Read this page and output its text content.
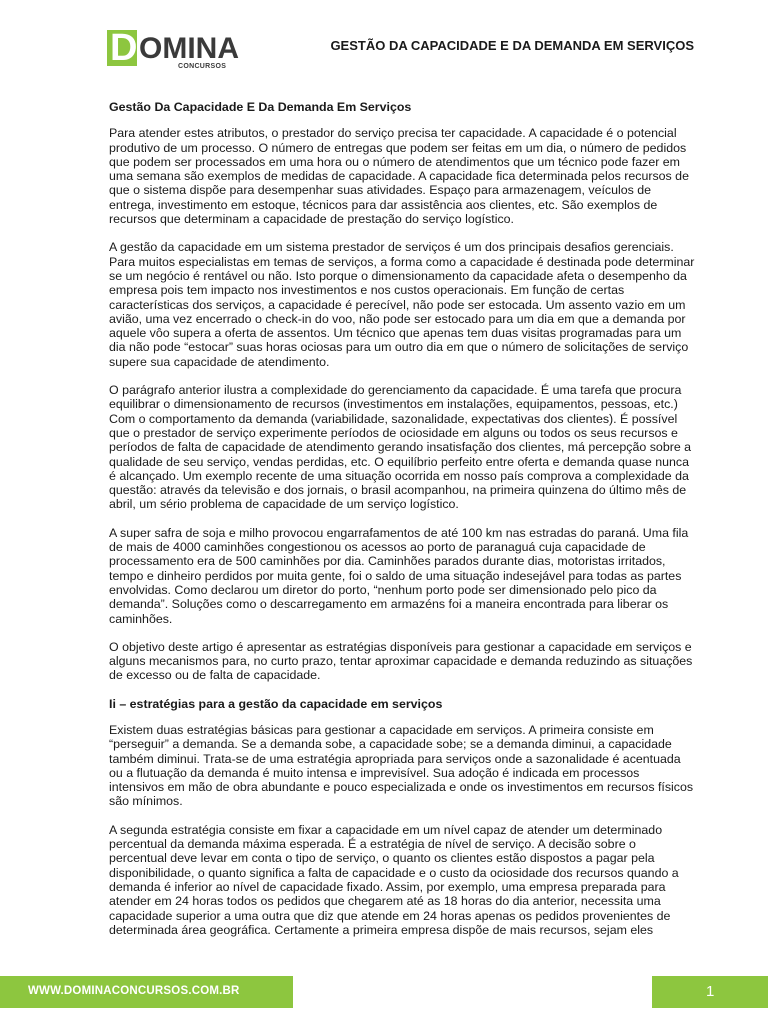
D OMINA
CONCURSOS
GESTÃO DA CAPACIDADE E DA DEMANDA EM SERVIÇOS
Gestão Da Capacidade E Da Demanda Em Serviços

Para atender estes atributos, o prestador do serviço precisa ter capacidade. A capacidade é o potencial produtivo de um processo. O número de entregas que podem ser feitas em um dia, o número de pedidos que podem ser processados em uma hora ou o número de atendimentos que um técnico pode fazer em uma semana são exemplos de medidas de capacidade. A capacidade fica determinada pelos recursos de que o sistema dispõe para desempenhar suas atividades. Espaço para armazenagem, veículos de entrega, investimento em estoque, técnicos para dar assistência aos clientes, etc. São exemplos de recursos que determinam a capacidade de prestação do serviço logístico.

A gestão da capacidade em um sistema prestador de serviços é um dos principais desafios gerenciais. Para muitos especialistas em temas de serviços, a forma como a capacidade é destinada pode determinar se um negócio é rentável ou não. Isto porque o dimensionamento da capacidade afeta o desempenho da empresa pois tem impacto nos investimentos e nos custos operacionais. Em função de certas características dos serviços, a capacidade é perecível, não pode ser estocada. Um assento vazio em um avião, uma vez encerrado o check-in do voo, não pode ser estocado para um dia em que a demanda por aquele vôo supera a oferta de assentos. Um técnico que apenas tem duas visitas programadas para um dia não pode “estocar” suas horas ociosas para um outro dia em que o número de solicitações de serviço supere sua capacidade de atendimento.

O parágrafo anterior ilustra a complexidade do gerenciamento da capacidade. É uma tarefa que procura equilibrar o dimensionamento de recursos (investimentos em instalações, equipamentos, pessoas, etc.) Com o comportamento da demanda (variabilidade, sazonalidade, expectativas dos clientes). É possível que o prestador de serviço experimente períodos de ociosidade em alguns ou todos os seus recursos e períodos de falta de capacidade de atendimento gerando insatisfação dos clientes, má percepção sobre a qualidade de seu serviço, vendas perdidas, etc. O equilíbrio perfeito entre oferta e demanda quase nunca é alcançado. Um exemplo recente de uma situação ocorrida em nosso país comprova a complexidade da questão: através da televisão e dos jornais, o brasil acompanhou, na primeira quinzena do último mês de abril, um sério problema de capacidade de um serviço logístico.

A super safra de soja e milho provocou engarrafamentos de até 100 km nas estradas do paraná. Uma fila de mais de 4000 caminhões congestionou os acessos ao porto de paranaguá cuja capacidade de processamento era de 500 caminhões por dia. Caminhões parados durante dias, motoristas irritados, tempo e dinheiro perdidos por muita gente, foi o saldo de uma situação indesejável para todas as partes envolvidas. Como declarou um diretor do porto, “nenhum porto pode ser dimensionado pelo pico da demanda”. Soluções como o descarregamento em armazéns foi a maneira encontrada para liberar os caminhões.

O objetivo deste artigo é apresentar as estratégias disponíveis para gestionar a capacidade em serviços e alguns mecanismos para, no curto prazo, tentar aproximar capacidade e demanda reduzindo as situações de excesso ou de falta de capacidade.

Ii – estratégias para a gestão da capacidade em serviços

Existem duas estratégias básicas para gestionar a capacidade em serviços. A primeira consiste em “perseguir” a demanda. Se a demanda sobe, a capacidade sobe; se a demanda diminui, a capacidade também diminui. Trata-se de uma estratégia apropriada para serviços onde a sazonalidade é acentuada ou a flutuação da demanda é muito intensa e imprevisível. Sua adoção é indicada em processos intensivos em mão de obra abundante e pouco especializada e onde os investimentos em recursos físicos são mínimos.

A segunda estratégia consiste em fixar a capacidade em um nível capaz de atender um determinado percentual da demanda máxima esperada. É a estratégia de nível de serviço. A decisão sobre o percentual deve levar em conta o tipo de serviço, o quanto os clientes estão dispostos a pagar pela disponibilidade, o quanto significa a falta de capacidade e o custo da ociosidade dos recursos quando a demanda é inferior ao nível de capacidade fixado. Assim, por exemplo, uma empresa preparada para atender em 24 horas todos os pedidos que chegarem até as 18 horas do dia anterior, necessita uma capacidade superior a uma outra que diz que atende em 24 horas apenas os pedidos provenientes de determinada área geográfica. Certamente a primeira empresa dispõe de mais recursos, sejam eles

WWW.DOMINACONCURSOS.COM.BR	1
